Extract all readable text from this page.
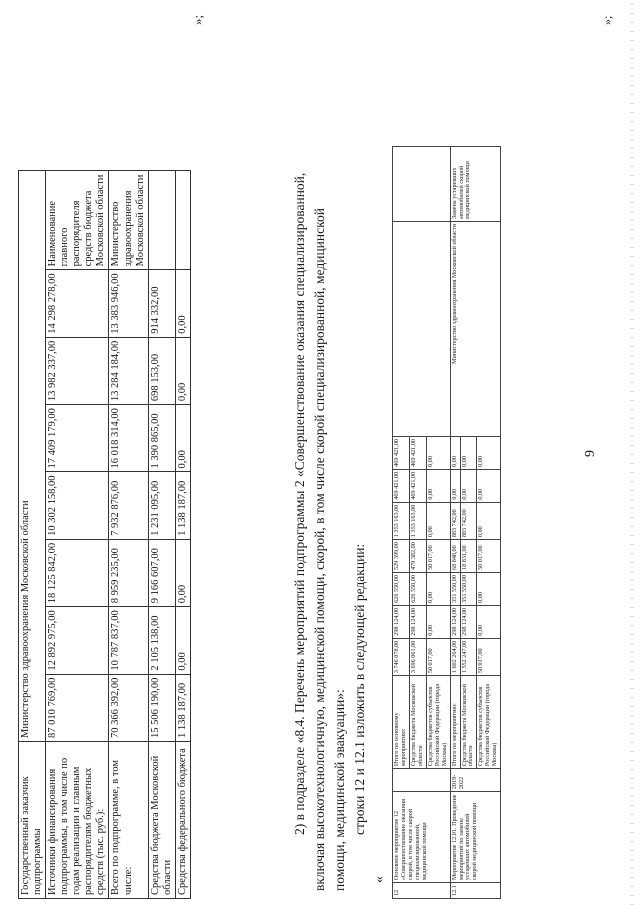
9
Государственный заказчик подпрограммы	Министерство здравоохранения Московской области							
Источники финансирования подпрограммы, в том числе по годам реализации и главным распорядителям бюджетных средств (тыс. руб.):	87 010 769,00	12 892 975,00	18 125 842,00	10 302 158,00	17 409 179,00	13 982 337,00	14 298 278,00	Наименование главного распорядителя средств бюджета Московской области
Всего по подпрограмме, в том числе:	70 366 392,00	10 787 837,00	8 959 235,00	7 932 876,00	16 018 314,00	13 284 184,00	13 383 946,00	Министерство здравоохранения Московской области
Средства бюджета Московской области	15 506 190,00	2 105 138,00	9 166 607,00	1 231 095,00	1 390 865,00	698 153,00	914 332,00	
Средства федерального бюджета	1 138 187,00	0,00	0,00	1 138 187,00	0,00	0,00	0,00	
»;
2) в подразделе «8.4. Перечень мероприятий подпрограммы 2 «Совершенствование оказания специализированной, включая высокотехнологичную, медицинской помощи, скорой, в том числе скорой специализированной, медицинской помощи, медицинской эвакуации»: строки 12 и 12.1 изложить в следующей редакции:
«
12	Основное мероприятие 12 «Совершенствование оказания скорой, в том числе скорой специализированной, медицинской помощи		Итого по основному мероприятию:	3 746 078,00	298 124,00	626 550,00	529 399,00	1 353 163,00	469 421,00	469 421,00		
			Средства бюджета Московской области	3 696 061,00	298 124,00	626 550,00	479 382,00	1 353 163,00	469 421,00	469 421,00		
			Средства бюджетов субъектов Российской Федерации (города Москвы)	50 017,00	0,00	0,00	50 017,00	0,00	0,00	0,00		
12.1	Мероприятие 12.01. Проведение мероприятий по замене устаревших автомобилей скорой медицинской помощи	2019-2022	Итого по мероприятию:	1 602 264,00	298 124,00	351 550,00	68 848,00	883 742,00	0,00	0,00	Министерство здравоохранения Московской области	Замена устаревших автомобилей скорой медицинской помощи
			Средства бюджета Московской области	1 552 247,00	298 124,00	351 550,00	18 831,00	883 742,00	0,00	0,00		
			Средства бюджетов субъектов Российской Федерации (города Москвы)	50 017,00	0,00	0,00	50 017,00	0,00	0,00	0,00		
»;
